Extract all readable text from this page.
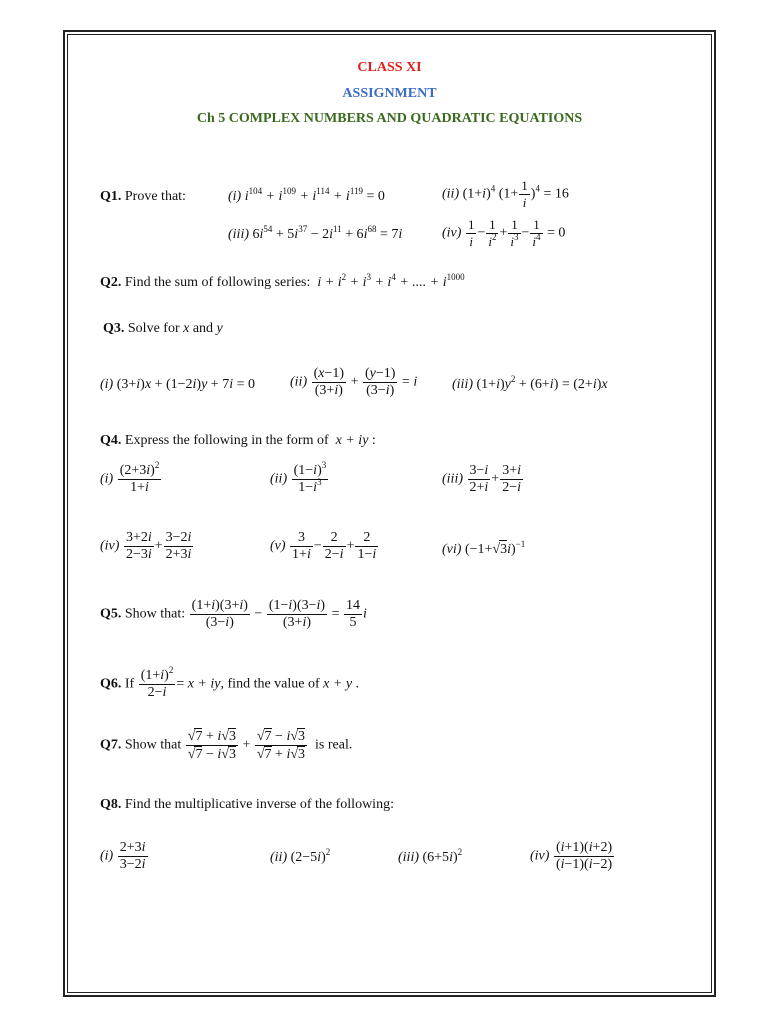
CLASS XI
ASSIGNMENT
Ch 5 COMPLEX NUMBERS AND QUADRATIC EQUATIONS
Q1. Prove that:	(i) $i^{104} + i^{109} + i^{114} + i^{119} = 0$	(ii) $(1+i)^4$ $(1+ \frac{1}{i} )^4 = 16$
(iii) $6i^{54} + 5i^{37} - 2i^{11} + 6i^{68} = 7i$	$(iv) \frac{1}{i} - \frac{1}{i^2} + \frac{1}{i^3} - \frac{1}{i^4} = 0$
Q2. Find the sum of following series:  $i + i^2 + i^3 + i^4$ + .... + $i^{1000}$
Q3. Solve for x and y
(i) (3+i)x + (1−2i)y + 7i = 0	$(ii) \frac{(x-1)}{(3+i)} + \frac{(y-1)}{(3-i)} = i$ (iii) $(1+i)y^2 + (6+i) = (2+i)x$
Q4. Express the following in the form of  x + iy :
$(i) \frac{(2+3i)^2}{1+i}$	$(ii) \frac{(1-i)^3}{1-i^3}$	$(iii) \frac{3-i}{2+i} + \frac{3+i}{2-i}$
$(iv) \frac{3+2i}{2-3i} + \frac{3-2i}{2+3i}$	$(v) \frac{3}{1+i} - \frac{2}{2-i} + \frac{2}{1-i}$	(vi) $(-1+√3i)^{-1}$
Q5. Show that: $\frac{(1+i)(3+i)}{(3-i)} - \frac{(1-i)(3-i)}{(3+i)} = \frac{14}{5}$ i
Q6. If $\frac{(1+i)^2}{2-i} = x$ + iy, find the value of x + y .
Q7. Show that $\frac{√7 + i√3}{√7 - i√3} + \frac{√7 - i√3}{√7 + i√3}$ is real.
Q8. Find the multiplicative inverse of the following:
$(i) \frac{2+3i}{3-2i}$	(ii) $(2-5i)^2$	(iii) $(6+5i)^2$	$(iv) \frac{(i+1)(i+2)}{(i-1)(i-2)}$
